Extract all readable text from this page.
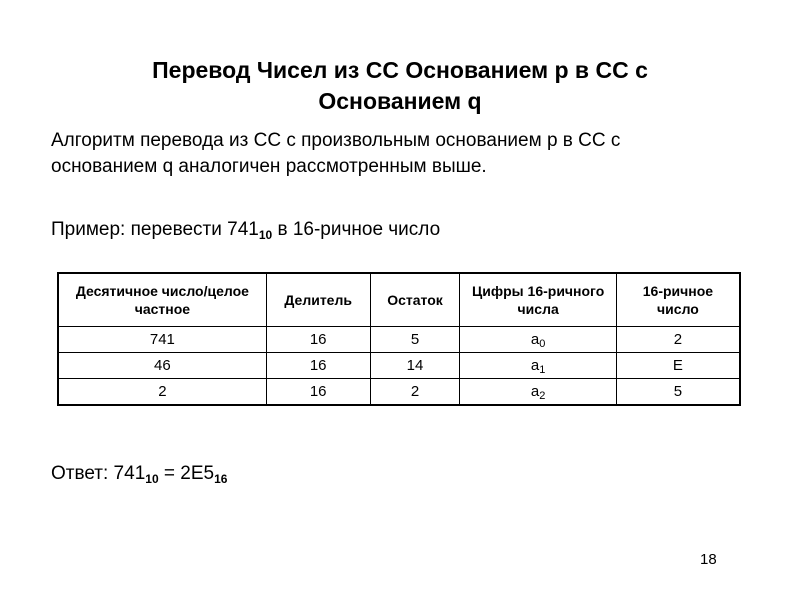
Перевод Чисел из СС Основанием p в СС с
Основанием q
Алгоритм перевода из СС с произвольным основанием p в СС с
основанием q аналогичен рассмотренным выше.
Пример: перевести $741_{10}$ в 16-ричное число
Десятичное число/целое частное	Делитель	Остаток	Цифры 16-ричного числа	16-ричное число
741	16	5	$a_0$	2
46	16	14	$a_1$	E
2	16	2	$a_2$	5
Ответ: $741_{10} = 2E5_{16}$
18
